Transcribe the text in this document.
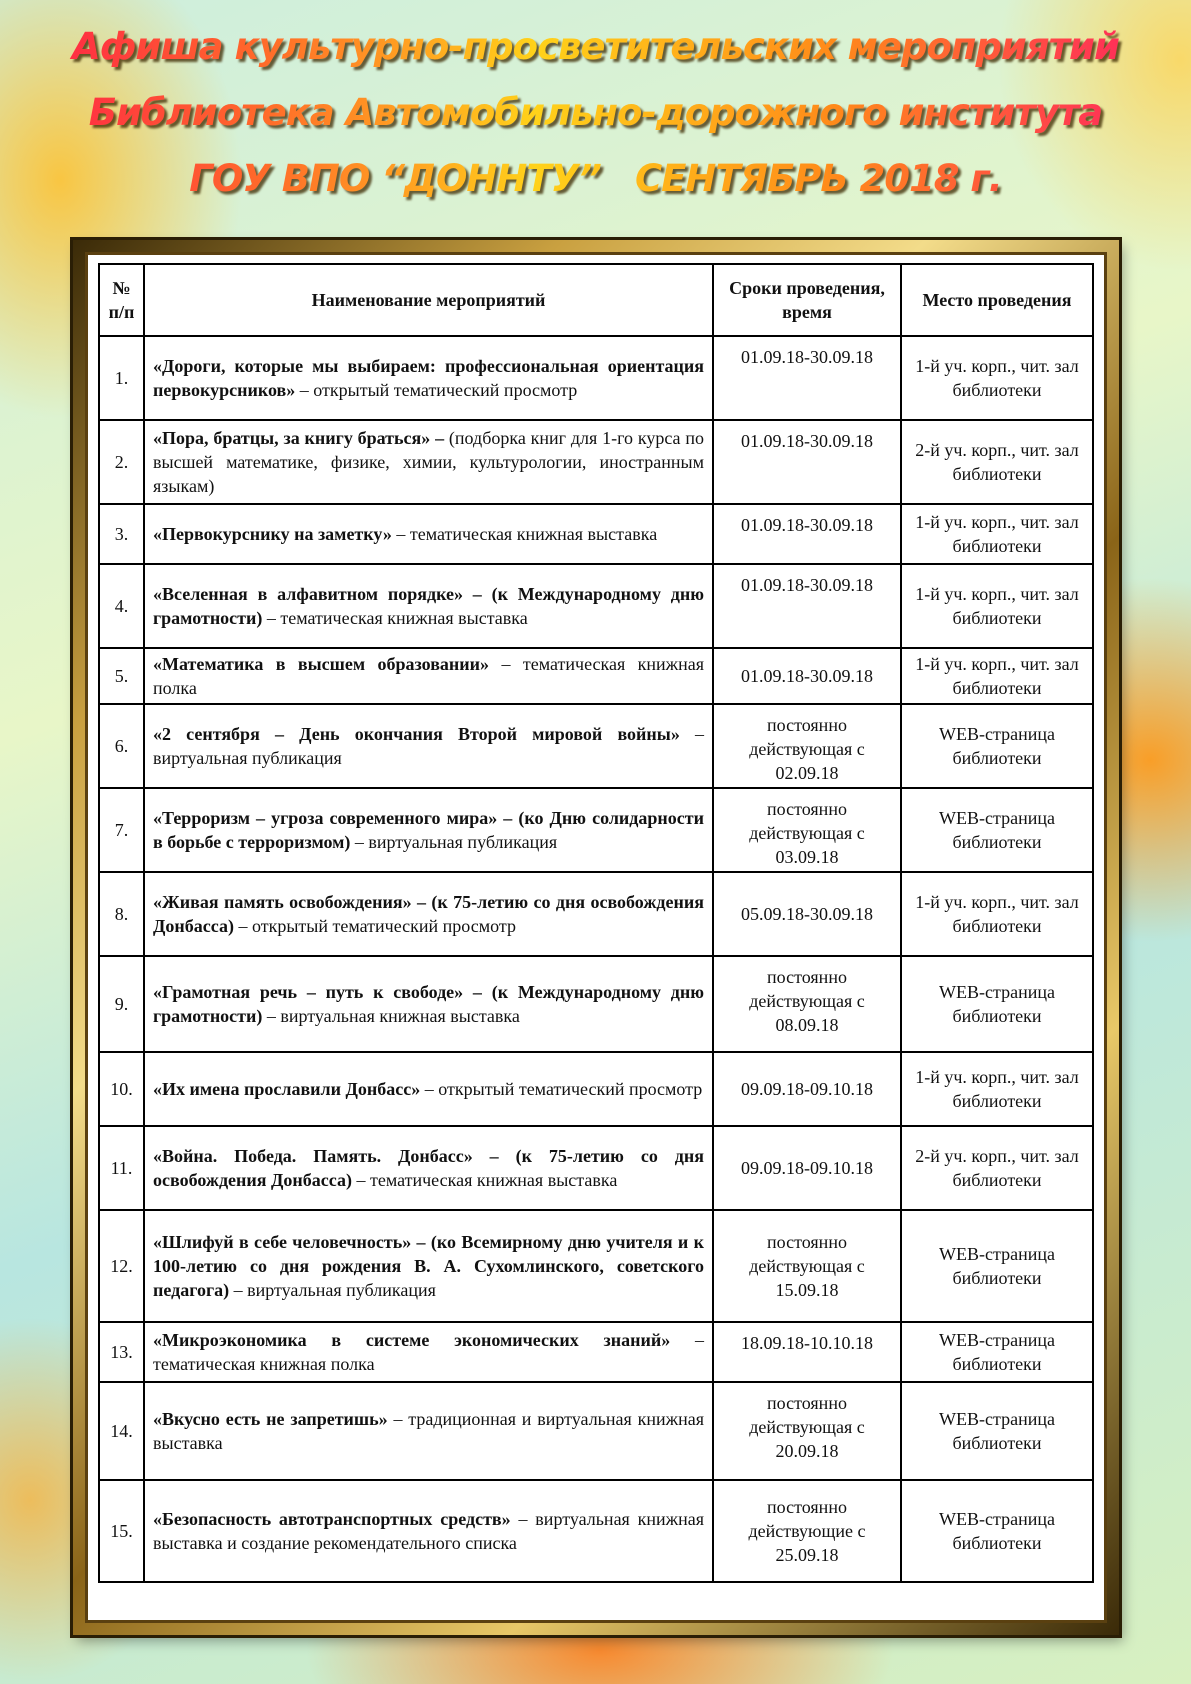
Афиша культурно-просветительских мероприятий
Библиотека Автомобильно-дорожного института
ГОУ ВПО “ДОННТУ” СЕНТЯБРЬ 2018 г.
№ п/п	Наименование мероприятий	Сроки проведения, время	Место проведения
1.	«Дороги, которые мы выбираем: профессиональная ориентация первокурсников» – открытый тематический просмотр	01.09.18-30.09.18	1-й уч. корп., чит. зал библиотеки
2.	«Пора, братцы, за книгу браться» – (подборка книг для 1-го курса по высшей математике, физике, химии, культурологии, иностранным языкам)	01.09.18-30.09.18	2-й уч. корп., чит. зал библиотеки
3.	«Первокурснику на заметку» – тематическая книжная выставка	01.09.18-30.09.18	1-й уч. корп., чит. зал библиотеки
4.	«Вселенная в алфавитном порядке» – (к Международному дню грамотности) – тематическая книжная выставка	01.09.18-30.09.18	1-й уч. корп., чит. зал библиотеки
5.	«Математика в высшем образовании» – тематическая книжная полка	01.09.18-30.09.18	1-й уч. корп., чит. зал библиотеки
6.	«2 сентября – День окончания Второй мировой войны» – виртуальная публикация	постоянно действующая с 02.09.18	WEB-страница библиотеки
7.	«Терроризм – угроза современного мира» – (ко Дню солидарности в борьбе с терроризмом) – виртуальная публикация	постоянно действующая с 03.09.18	WEB-страница библиотеки
8.	«Живая память освобождения» – (к 75-летию со дня освобождения Донбасса) – открытый тематический просмотр	05.09.18-30.09.18	1-й уч. корп., чит. зал библиотеки
9.	«Грамотная речь – путь к свободе» – (к Международному дню грамотности) – виртуальная книжная выставка	постоянно действующая с 08.09.18	WEB-страница библиотеки
10.	«Их имена прославили Донбасс» – открытый тематический просмотр	09.09.18-09.10.18	1-й уч. корп., чит. зал библиотеки
11.	«Война. Победа. Память. Донбасс» – (к 75-летию со дня освобождения Донбасса) – тематическая книжная выставка	09.09.18-09.10.18	2-й уч. корп., чит. зал библиотеки
12.	«Шлифуй в себе человечность» – (ко Всемирному дню учителя и к 100-летию со дня рождения В. А. Сухомлинского, советского педагога) – виртуальная публикация	постоянно действующая с 15.09.18	WEB-страница библиотеки
13.	«Микроэкономика в системе экономических знаний» – тематическая книжная полка	18.09.18-10.10.18	WEB-страница библиотеки
14.	«Вкусно есть не запретишь» – традиционная и виртуальная книжная выставка	постоянно действующая с 20.09.18	WEB-страница библиотеки
15.	«Безопасность автотранспортных средств» – виртуальная книжная выставка и создание рекомендательного списка	постоянно действующие с 25.09.18	WEB-страница библиотеки
